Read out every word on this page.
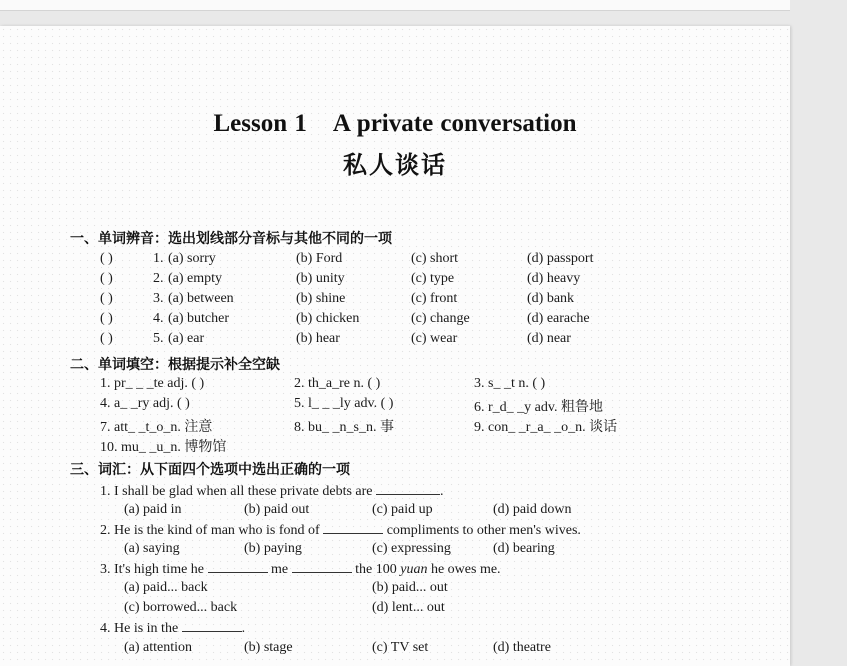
Lesson 1 A private conversation
私人谈话
一、单词辨音：选出划线部分音标与其他不同的一项
( )	1. (a) sorry	(b) Ford	(c) short	(d) passport
( )	2. (a) empty	(b) unity	(c) type	(d) heavy
( )	3. (a) between	(b) shine	(c) front	(d) bank
( )	4. (a) butcher	(b) chicken	(c) change	(d) earache
( )	5. (a) ear	(b) hear	(c) wear	(d) near
二、单词填空：根据提示补全空缺
1. pr_ _ _te adj. ( )	2. th_a_re n. ( )	3. s_ _t n. ( )
4. a_ _ry adj. ( )	5. l_ _ _ly adv. ( )	6. r_d_ _y adv. 粗鲁地
7. att_ _t_o_n. 注意	8. bu_ _n_s_n. 事	9. con_ _r_a_ _o_n. 谈话
10. mu_ _u_n. 博物馆
三、词汇：从下面四个选项中选出正确的一项
1. I shall be glad when all these private debts are	.
(a) paid in	(b) paid out	(c) paid up	(d) paid down
2. He is the kind of man who is fond of	compliments to other men's wives.
(a) saying	(b) paying	(c) expressing	(d) bearing
3. It's high time he	me	the 100 yuan he owes me.
(a) paid... back	(b) paid... out
(c) borrowed... back	(d) lent... out
4. He is in the	.
(a) attention	(b) stage	(c) TV set	(d) theatre
